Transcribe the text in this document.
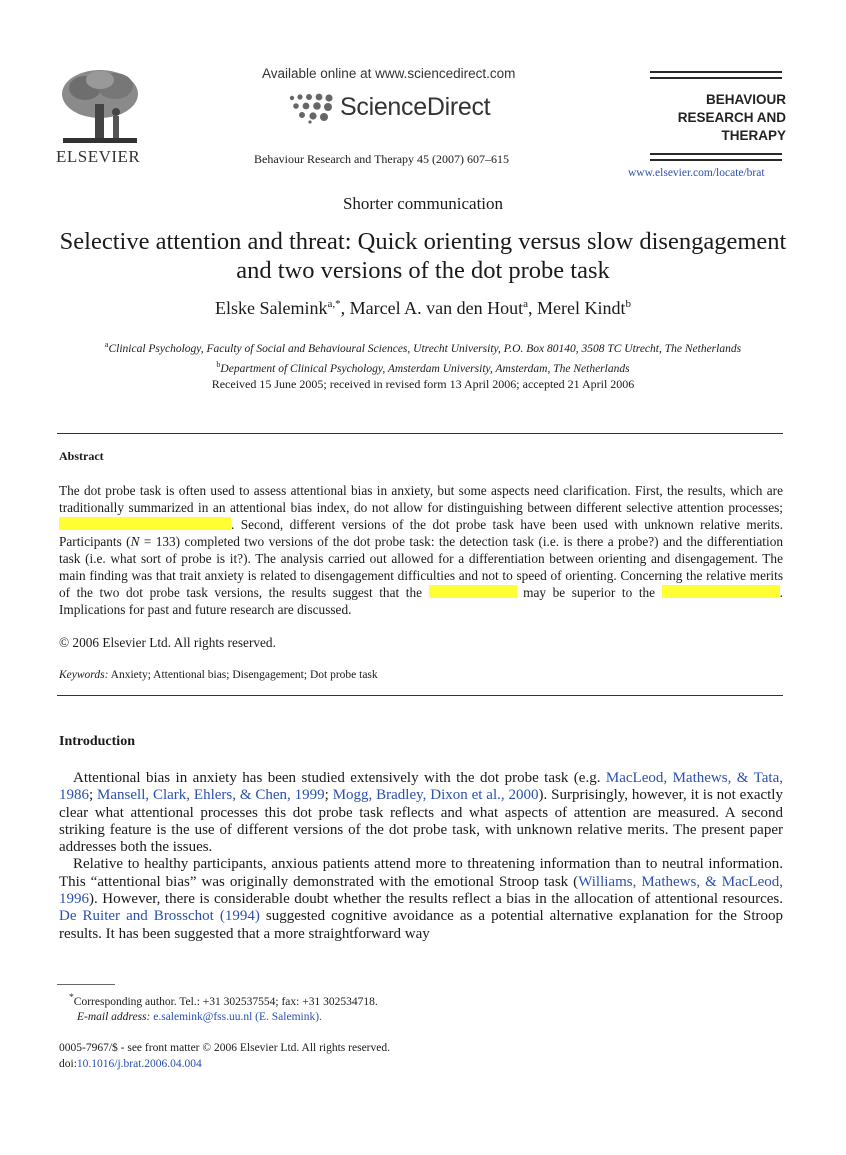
ELSEVIER
Available online at www.sciencedirect.com
ScienceDirect
Behaviour Research and Therapy 45 (2007) 607–615
BEHAVIOUR
RESEARCH AND
THERAPY
www.elsevier.com/locate/brat
Shorter communication
Selective attention and threat: Quick orienting versus slow disengagement and two versions of the dot probe task
Elske Salemink$^{a,*}$, Marcel A. van den Hout$^a$, Merel Kindt$^b$
$^a$Clinical Psychology, Faculty of Social and Behavioural Sciences, Utrecht University, P.O. Box 80140, 3508 TC Utrecht, The Netherlands
$^b$Department of Clinical Psychology, Amsterdam University, Amsterdam, The Netherlands
Received 15 June 2005; received in revised form 13 April 2006; accepted 21 April 2006
Abstract
The dot probe task is often used to assess attentional bias in anxiety, but some aspects need clarification. First, the results, which are traditionally summarized in an attentional bias index, do not allow for distinguishing between different selective attention processes; . Second, different versions of the dot probe task have been used with unknown relative merits. Participants (N = 133) completed two versions of the dot probe task: the detection task (i.e. is there a probe?) and the differentiation task (i.e. what sort of probe is it?). The analysis carried out allowed for a differentiation between orienting and disengagement. The main finding was that trait anxiety is related to disengagement difficulties and not to speed of orienting. Concerning the relative merits of the two dot probe task versions, the results suggest that the	may be superior to the	. Implications for past and future research are discussed.
© 2006 Elsevier Ltd. All rights reserved.
Keywords: Anxiety; Attentional bias; Disengagement; Dot probe task
Introduction

Attentional bias in anxiety has been studied extensively with the dot probe task (e.g. MacLeod, Mathews, & Tata, 1986; Mansell, Clark, Ehlers, & Chen, 1999; Mogg, Bradley, Dixon et al., 2000). Surprisingly, however, it is not exactly clear what attentional processes this dot probe task reflects and what aspects of attention are measured. A second striking feature is the use of different versions of the dot probe task, with unknown relative merits. The present paper addresses both the issues.

Relative to healthy participants, anxious patients attend more to threatening information than to neutral information. This “attentional bias” was originally demonstrated with the emotional Stroop task (Williams, Mathews, & MacLeod, 1996). However, there is considerable doubt whether the results reflect a bias in the allocation of attentional resources. De Ruiter and Brosschot (1994) suggested cognitive avoidance as a potential alternative explanation for the Stroop results. It has been suggested that a more straightforward way

*Corresponding author. Tel.: +31 302537554; fax: +31 302534718.
E-mail address: e.salemink@fss.uu.nl (E. Salemink).
0005-7967/$ - see front matter © 2006 Elsevier Ltd. All rights reserved.
doi:10.1016/j.brat.2006.04.004
